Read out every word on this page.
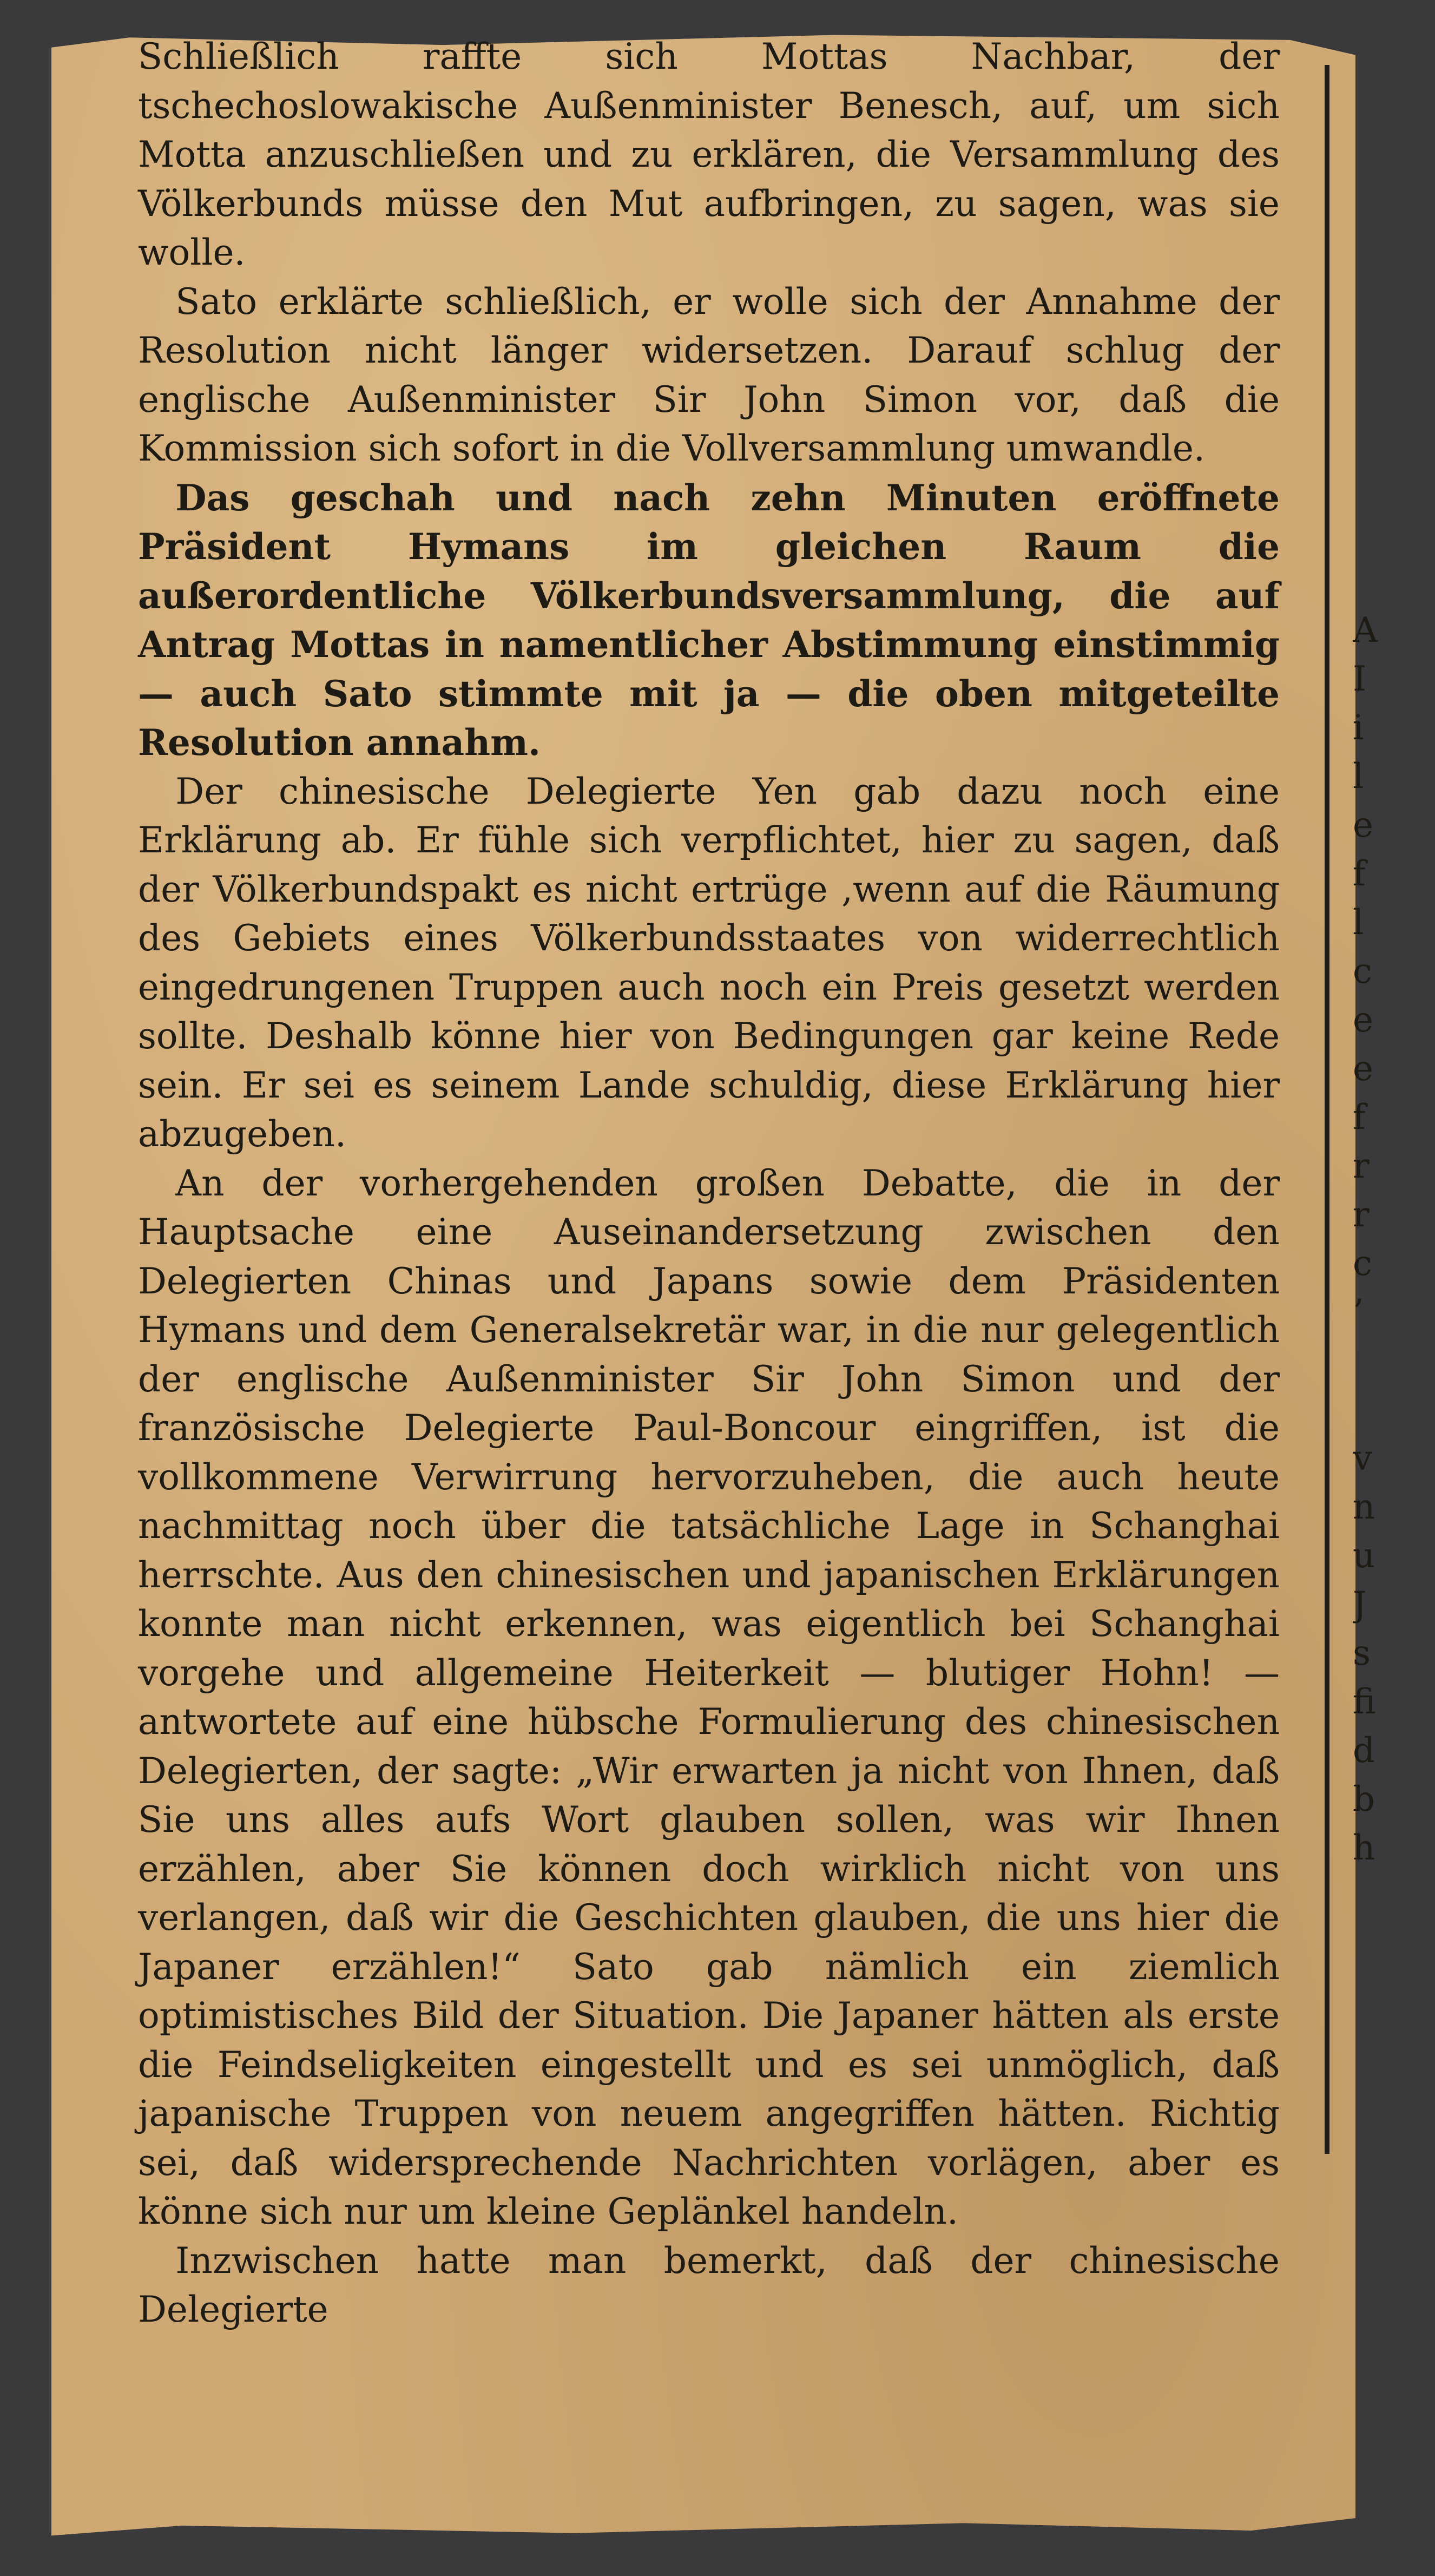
Schließlich raffte sich Mottas Nachbar, der tschechoslowakische Außenminister Benesch, auf, um sich Motta anzuschließen und zu erklären, die Versammlung des Völkerbunds müsse den Mut aufbringen, zu sagen, was sie wolle.

Sato erklärte schließlich, er wolle sich der Annahme der Resolution nicht länger widersetzen. Darauf schlug der englische Außenminister Sir John Simon vor, daß die Kommission sich sofort in die Vollversammlung umwandle.

Das geschah und nach zehn Minuten eröffnete Präsident Hymans im gleichen Raum die außerordentliche Völkerbundsversammlung, die auf Antrag Mottas in namentlicher Abstimmung einstimmig — auch Sato stimmte mit ja — die oben mitgeteilte Resolution annahm.

Der chinesische Delegierte Yen gab dazu noch eine Erklärung ab. Er fühle sich verpflichtet, hier zu sagen, daß der Völkerbundspakt es nicht ertrüge ,wenn auf die Räumung des Gebiets eines Völkerbundsstaates von widerrechtlich eingedrungenen Truppen auch noch ein Preis gesetzt werden sollte. Deshalb könne hier von Bedingungen gar keine Rede sein. Er sei es seinem Lande schuldig, diese Erklärung hier abzugeben.

An der vorhergehenden großen Debatte, die in der Hauptsache eine Auseinandersetzung zwischen den Delegierten Chinas und Japans sowie dem Präsidenten Hymans und dem Generalsekretär war, in die nur gelegentlich der englische Außenminister Sir John Simon und der französische Delegierte Paul-Boncour eingriffen, ist die vollkommene Verwirrung hervorzuheben, die auch heute nachmittag noch über die tatsächliche Lage in Schanghai herrschte. Aus den chinesischen und japanischen Erklärungen konnte man nicht erkennen, was eigentlich bei Schanghai vorgehe und allgemeine Heiterkeit — blutiger Hohn! — antwortete auf eine hübsche Formulierung des chinesischen Delegierten, der sagte: „Wir erwarten ja nicht von Ihnen, daß Sie uns alles aufs Wort glauben sollen, was wir Ihnen erzählen, aber Sie können doch wirklich nicht von uns verlangen, daß wir die Geschichten glauben, die uns hier die Japaner erzählen!“ Sato gab nämlich ein ziemlich optimistisches Bild der Situation. Die Japaner hätten als erste die Feindseligkeiten eingestellt und es sei unmöglich, daß japanische Truppen von neuem angegriffen hätten. Richtig sei, daß widersprechende Nachrichten vorlägen, aber es könne sich nur um kleine Geplänkel handeln.

Inzwischen hatte man bemerkt, daß der chinesische Delegierte

A
I
i
l
e
f
l
c
e
e
f
r
r
c
’
v
n
u
J
s
fi
d
b
h
